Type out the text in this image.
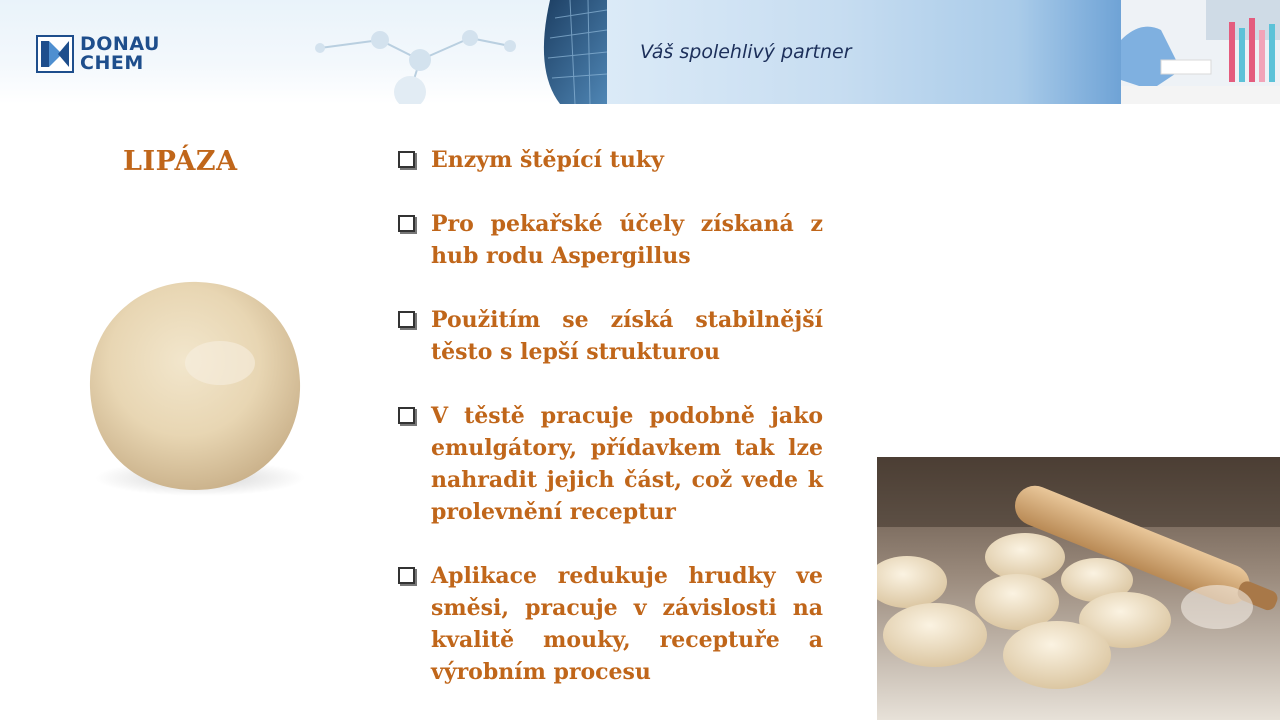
DONAU
CHEM	Váš spolehlivý partner
LIPÁZA	Enzym štěpící tuky
Pro pekařské účely získaná z hub rodu Aspergillus
Použitím se získá stabilnější těsto s lepší strukturou
V těstě pracuje podobně jako emulgátory, přídavkem tak lze nahradit jejich část, což vede k prolevnění receptur
Aplikace redukuje hrudky ve směsi, pracuje v závislosti na kvalitě mouky, receptuře a výrobním procesu
